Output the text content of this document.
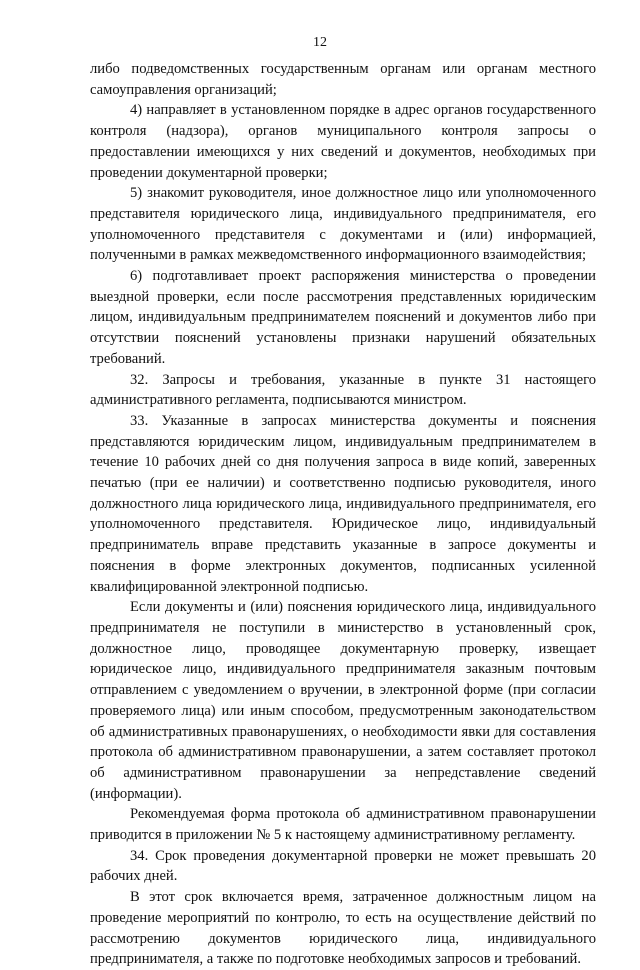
12

либо подведомственных государственным органам или органам местного самоуправления организаций;

4) направляет в установленном порядке в адрес органов государственного контроля (надзора), органов муниципального контроля запросы о предоставлении имеющихся у них сведений и документов, необходимых при проведении документарной проверки;

5) знакомит руководителя, иное должностное лицо или уполномоченного представителя юридического лица, индивидуального предпринимателя, его уполномоченного представителя с документами и (или) информацией, полученными в рамках межведомственного информационного взаимодействия;

6) подготавливает проект распоряжения министерства о проведении выездной проверки, если после рассмотрения представленных юридическим лицом, индивидуальным предпринимателем пояснений и документов либо при отсутствии пояснений установлены признаки нарушений обязательных требований.

32. Запросы и требования, указанные в пункте 31 настоящего административного регламента, подписываются министром.

33. Указанные в запросах министерства документы и пояснения представляются юридическим лицом, индивидуальным предпринимателем в течение 10 рабочих дней со дня получения запроса в виде копий, заверенных печатью (при ее наличии) и соответственно подписью руководителя, иного должностного лица юридического лица, индивидуального предпринимателя, его уполномоченного представителя. Юридическое лицо, индивидуальный предприниматель вправе представить указанные в запросе документы и пояснения в форме электронных документов, подписанных усиленной квалифицированной электронной подписью.

Если документы и (или) пояснения юридического лица, индивидуального предпринимателя не поступили в министерство в установленный срок, должностное лицо, проводящее документарную проверку, извещает юридическое лицо, индивидуального предпринимателя заказным почтовым отправлением с уведомлением о вручении, в электронной форме (при согласии проверяемого лица) или иным способом, предусмотренным законодательством об административных правонарушениях, о необходимости явки для составления протокола об административном правонарушении, а затем составляет протокол об административном правонарушении за непредставление сведений (информации).

Рекомендуемая форма протокола об административном правонарушении приводится в приложении № 5 к настоящему административному регламенту.

34. Срок проведения документарной проверки не может превышать 20 рабочих дней.

В этот срок включается время, затраченное должностным лицом на проведение мероприятий по контролю, то есть на осуществление действий по рассмотрению документов юридического лица, индивидуального предпринимателя, а также по подготовке необходимых запросов и требований.
